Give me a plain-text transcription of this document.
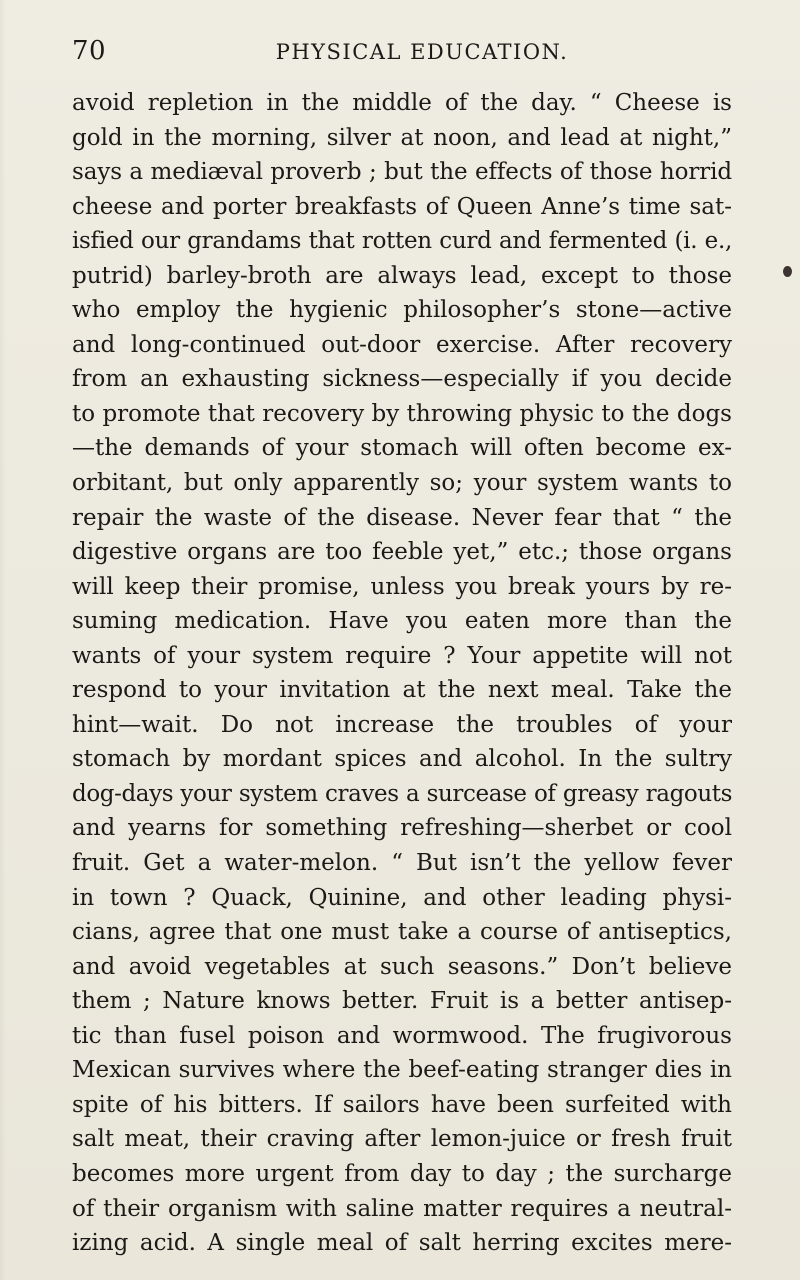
70	PHYSICAL EDUCATION.
avoid repletion in the middle of the day. “ Cheese is
gold in the morning, silver at noon, and lead at night,”
says a mediæval proverb ; but the effects of those horrid
cheese and porter breakfasts of Queen Anne’s time sat-
isfied our grandams that rotten curd and fermented (i. e.,
putrid) barley-broth are always lead, except to those
who employ the hygienic philosopher’s stone—active
and long-continued out-door exercise. After recovery
from an exhausting sickness—especially if you decide
to promote that recovery by throwing physic to the dogs
—the demands of your stomach will often become ex-
orbitant, but only apparently so; your system wants to
repair the waste of the disease. Never fear that “ the
digestive organs are too feeble yet,” etc.; those organs
will keep their promise, unless you break yours by re-
suming medication. Have you eaten more than the
wants of your system require ? Your appetite will not
respond to your invitation at the next meal. Take the
hint—wait. Do not increase the troubles of your
stomach by mordant spices and alcohol. In the sultry
dog-days your system craves a surcease of greasy ragouts
and yearns for something refreshing—sherbet or cool
fruit. Get a water-melon. “ But isn’t the yellow fever
in town ? Quack, Quinine, and other leading physi-
cians, agree that one must take a course of antiseptics,
and avoid vegetables at such seasons.” Don’t believe
them ; Nature knows better. Fruit is a better antisep-
tic than fusel poison and wormwood. The frugivorous
Mexican survives where the beef-eating stranger dies in
spite of his bitters. If sailors have been surfeited with
salt meat, their craving after lemon-juice or fresh fruit
becomes more urgent from day to day ; the surcharge
of their organism with saline matter requires a neutral-
izing acid. A single meal of salt herring excites mere-
